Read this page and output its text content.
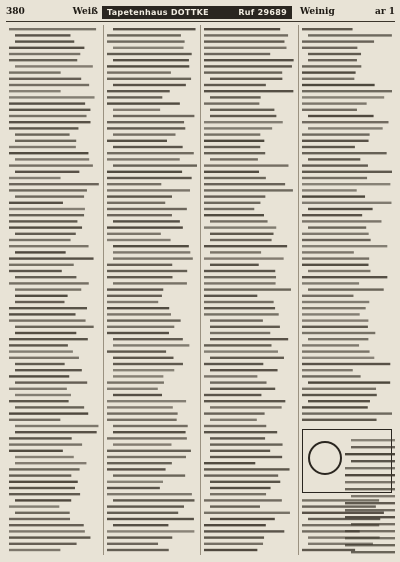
380	Weiß Tapetenhaus DOTTKE	Ruf 29689 Weinig	ar 1
